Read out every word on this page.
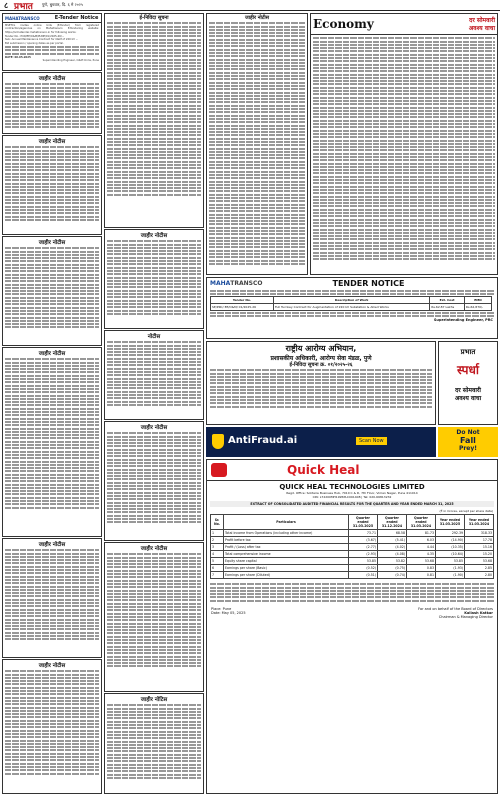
८ प्रभात पुणे, बुधवार, दि. ६ मे २०२५
MAHATRANSCO	E-Tender Notice
MSETCL invites online bids (E-Tender) from registered contractors/agencies on Mahatransco E-Tendering website: https://srmetender.mahatransco.in for following works:
Tender No.: PUR/EE/O&M/PUNE/01/2025-26/...
Sub: Annual Maintenance Contract for O&M of 220 kV ...
Bid submission / opening dates as per portal.
DATE: 06.05.2025
Superintending Engineer, O&M Circle, Pune
जाहीर नोटीस
जाहीर नोटीस
जाहीर नोटीस
जाहीर नोटीस
जाहीर नोटीस
जाहीर नोटीस
ई-निविदा सूचना
जाहीर नोटीस
नोटीस
जाहीर नोटीस
जाहीर नोटीस
जाहीर नोटिस
जाहीर नोटीस	Economy	दर सोमवारी
अवश्य वाचा
MAHA TRANSCO	TENDER NOTICE
Tender No.	Description of Work	Est. Cost	EMD
SE/PRC/ EE/O&M/ 01/2025-26	Full Turnkey Contract for Augmentation of 220 kV Substation & Allied Works	Rs.62.87 Lakhs	Rs.62,870/-
Superintending Engineer, PRC
राष्ट्रीय आरोग्य अभियान,
प्रशासकीय अधिकारी, आरोग्य सेवा मंडळ, पुणे
ई-निविदा सूचना क्र. ०१/२०२५-२६
प्रभात
स्पर्धा
दर सोमवारी
अवश्य वाचा
AntiFraud.ai	Scan Now
Do Not
Fall
Prey!
Quick Heal
QUICK HEAL TECHNOLOGIES LIMITED
Regd. Office: Solitaire Business Hub, 7010 C & D, 7th Floor, Viman Nagar, Pune 411014
CIN: L72200MH1995PLC091408 | Tel: 020-66813232
EXTRACT OF CONSOLIDATED AUDITED FINANCIAL RESULTS FOR THE QUARTER AND YEAR ENDED MARCH 31, 2025
(₹ in Crores, except per share data)
Sr. No.	Particulars	Quarter ended 31.03.2025	Quarter ended 31.12.2024	Quarter ended 31.03.2024	Year ended 31.03.2025	Year ended 31.03.2024
1	Total income from Operations (including other income)	73.71	68.58	81.73	292.39	318.33
2	Profit before tax	(3.67)	(5.41)	6.03	(14.90)	17.78
3	Profit / (Loss) after tax	(2.77)	(4.02)	4.44	(10.35)	15.16
4	Total comprehensive income	(2.93)	(4.08)	4.35	(10.64)	15.20
5	Equity share capital	53.85	53.82	53.68	53.85	53.68
6	Earnings per share (Basic)	(0.52)	(0.75)	0.83	(1.93)	2.85
7	Earnings per share (Diluted)	(0.51)	(0.74)	0.81	(1.90)	2.80
Place: Pune
Date: May 05, 2025
For and on behalf of the Board of Directors
Kailash Katkar
Chairman & Managing Director
